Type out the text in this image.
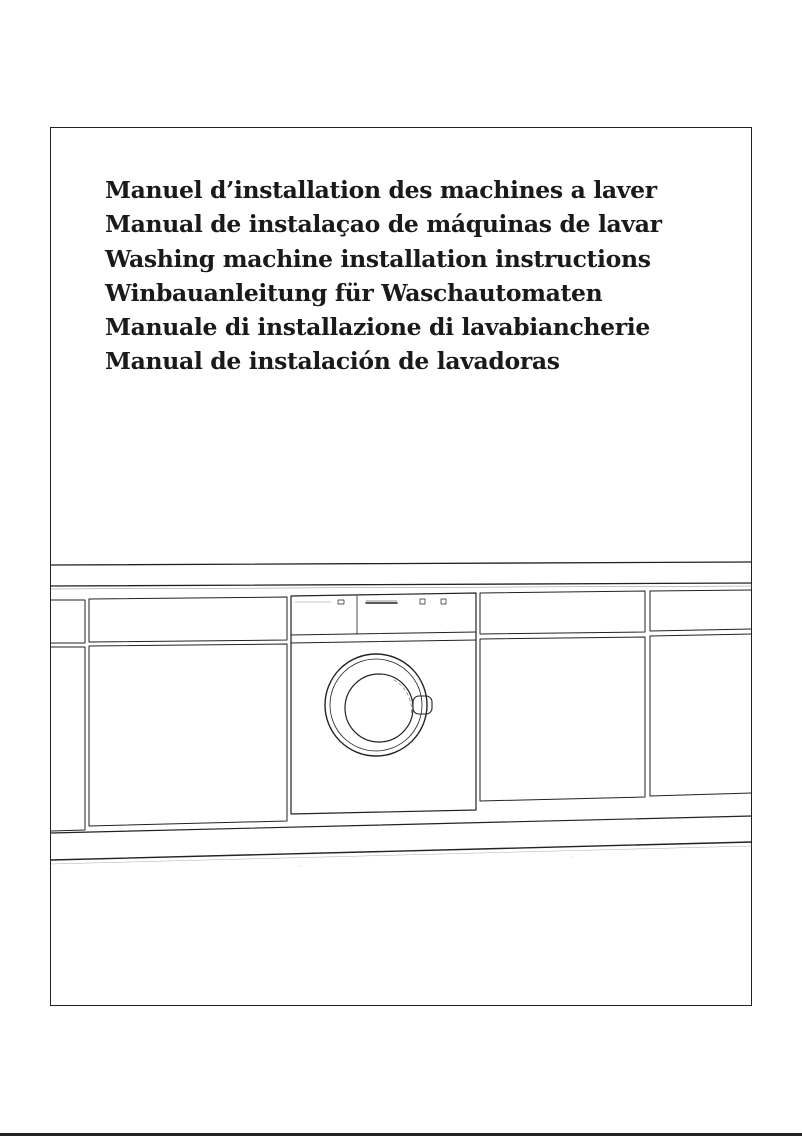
Manuel d’installation des machines a laver
Manual de instalaçao de máquinas de lavar
Washing machine installation instructions
Winbauanleitung für Waschautomaten
Manuale di installazione di lavabiancherie
Manual de instalación de lavadoras
